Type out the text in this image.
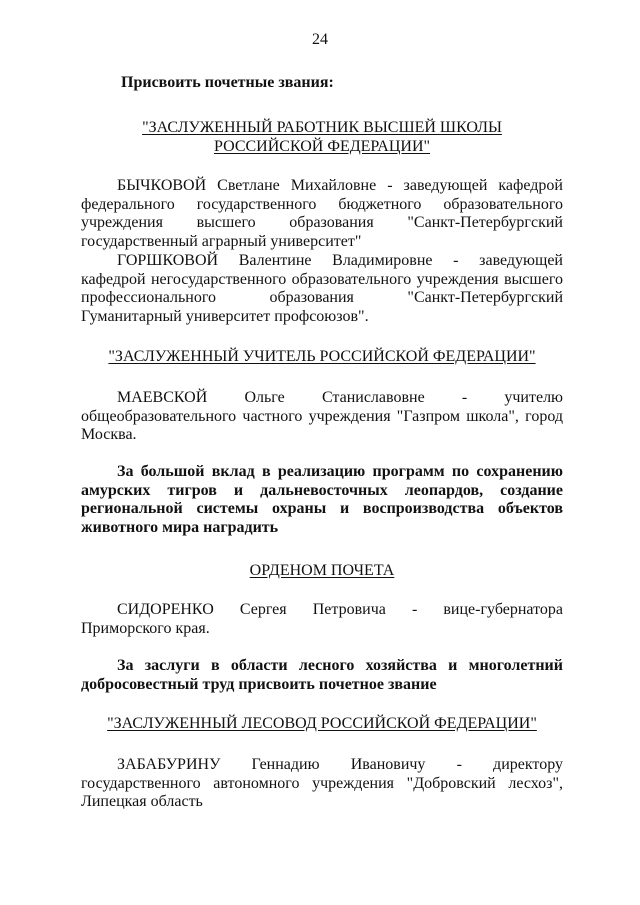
24
Присвоить почетные звания:
"ЗАСЛУЖЕННЫЙ РАБОТНИК ВЫСШЕЙ ШКОЛЫ
РОССИЙСКОЙ ФЕДЕРАЦИИ"

БЫЧКОВОЙ Светлане Михайловне - заведующей кафедрой федерального государственного бюджетного образовательного учреждения высшего образования "Санкт-Петербургский государственный аграрный университет"

ГОРШКОВОЙ Валентине Владимировне - заведующей кафедрой негосударственного образовательного учреждения высшего профессионального образования "Санкт-Петербургский Гуманитарный университет профсоюзов".

"ЗАСЛУЖЕННЫЙ УЧИТЕЛЬ РОССИЙСКОЙ ФЕДЕРАЦИИ"

МАЕВСКОЙ Ольге Станиславовне - учителю общеобразовательного частного учреждения "Газпром школа", город Москва.

За большой вклад в реализацию программ по сохранению амурских тигров и дальневосточных леопардов, создание региональной системы охраны и воспроизводства объектов животного мира наградить

ОРДЕНОМ ПОЧЕТА

СИДОРЕНКО Сергея Петровича - вице-губернатора Приморского края.

За заслуги в области лесного хозяйства и многолетний добросовестный труд присвоить почетное звание

"ЗАСЛУЖЕННЫЙ ЛЕСОВОД РОССИЙСКОЙ ФЕДЕРАЦИИ"

ЗАБАБУРИНУ Геннадию Ивановичу - директору государственного автономного учреждения "Добровский лесхоз", Липецкая область
